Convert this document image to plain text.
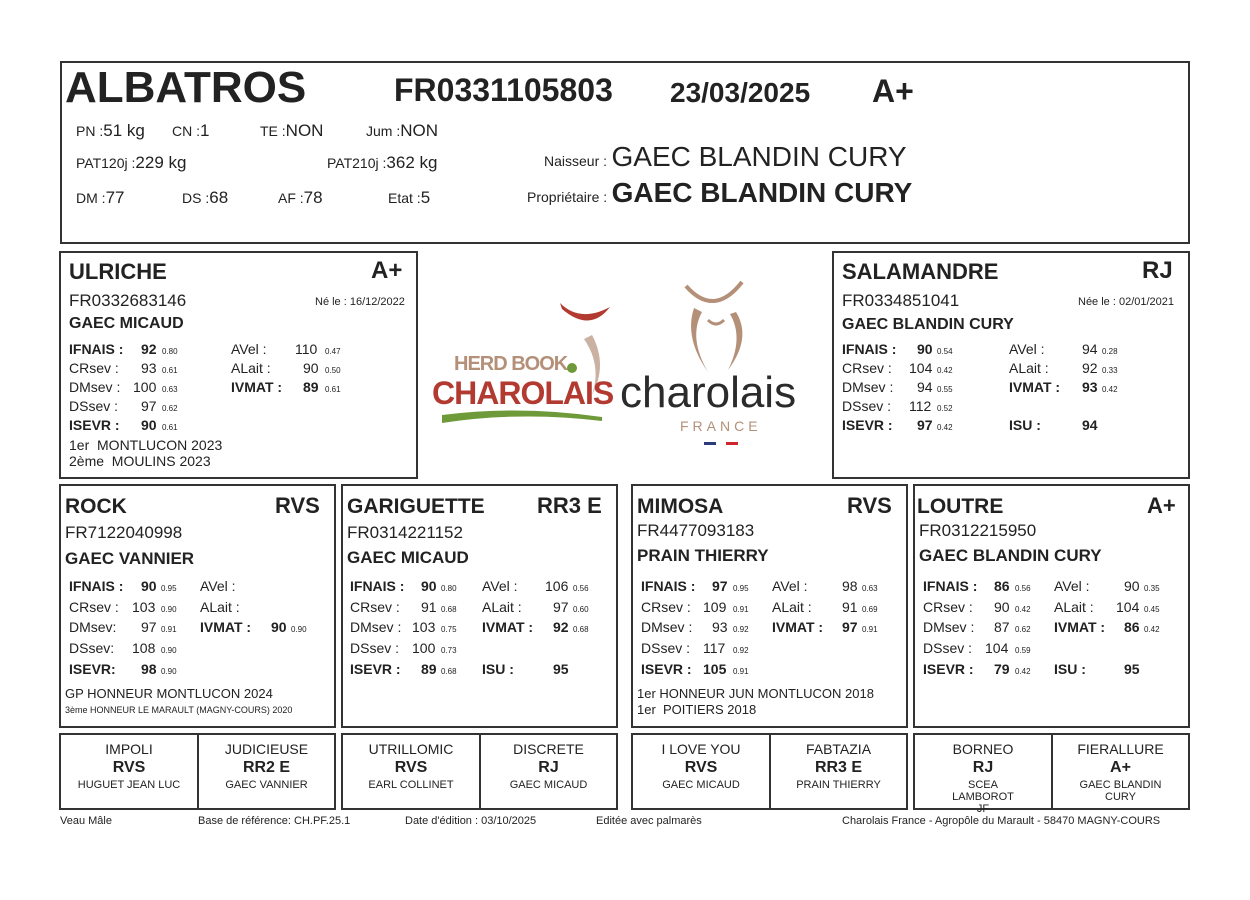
ALBATROS	FR0331105803 23/03/2025 A+
PN :51 kg CN :1	TE :NON	Jum :NON
PAT120j :229 kg	PAT210j :362 kg
DM :77	DS :68	AF :78	Etat :5
Naisseur : GAEC BLANDIN CURY
Propriétaire : GAEC BLANDIN CURY
ULRICHE	A+
FR0332683146	Né le : 16/12/2022
GAEC MICAUD
IFNAIS : 92 0.80	AVel : 110 0.47
CRsev : 93 0.61	ALait : 90 0.50
DMsev : 100 0.63	IVMAT : 89 0.61
DSsev : 97 0.62
ISEVR : 90 0.61
1er  MONTLUCON 2023
2ème  MOULINS 2023
HERD BOOK
CHAROLAIS charolais
FRANCE
SALAMANDRE	RJ
FR0334851041	Née le : 02/01/2021
GAEC BLANDIN CURY
IFNAIS : 90 0.54	AVel :	94 0.28
CRsev : 104 0.42	ALait : 92 0.33
DMsev : 94 0.55	IVMAT : 93 0.42
DSsev : 112 0.52
ISEVR : 97 0.42	ISU :	94
ROCK	RVS
FR7122040998
GAEC VANNIER
IFNAIS : 90 0.95 AVel :
CRsev : 103 0.90 ALait :
DMsev: 97 0.91 IVMAT : 90 0.90
DSsev: 108 0.90
ISEVR: 98 0.90
GP HONNEUR MONTLUCON 2024
3ème HONNEUR LE MARAULT (MAGNY-COURS) 2020
GARIGUETTE RR3 E
FR0314221152
GAEC MICAUD
IFNAIS : 90 0.80 AVel : 106 0.56
CRsev : 91 0.68 ALait : 97 0.60
DMsev : 103 0.75 IVMAT : 92 0.68
DSsev : 100 0.73
ISEVR : 89 0.68 ISU :	95
MIMOSA	RVS
FR4477093183
PRAIN THIERRY
IFNAIS : 97 0.95 AVel : 98 0.63
CRsev : 109 0.91 ALait : 91 0.69
DMsev : 93 0.92 IVMAT : 97 0.91
DSsev : 117 0.92
ISEVR : 105 0.91
1er HONNEUR JUN MONTLUCON 2018
1er  POITIERS 2018
LOUTRE	A+
FR0312215950
GAEC BLANDIN CURY
IFNAIS : 86 0.56 AVel : 90 0.35
CRsev : 90 0.42 ALait : 104 0.45
DMsev : 87 0.62 IVMAT : 86 0.42
DSsev : 104 0.59
ISEVR : 79 0.42 ISU :	95
IMPOLI
RVS
HUGUET JEAN LUC
JUDICIEUSE
RR2 E
GAEC VANNIER
UTRILLOMIC
RVS
EARL COLLINET
DISCRETE
RJ
GAEC MICAUD
I LOVE YOU
RVS
GAEC MICAUD
FABTAZIA
RR3 E
PRAIN THIERRY
BORNEO
RJ
SCEA LAMBOROT JF
FIERALLURE
A+
GAEC BLANDIN CURY
Veau Mâle	Base de référence: CH.PF.25.1	Date d'édition : 03/10/2025	Editée avec palmarès	Charolais France - Agropôle du Marault - 58470 MAGNY-COURS
